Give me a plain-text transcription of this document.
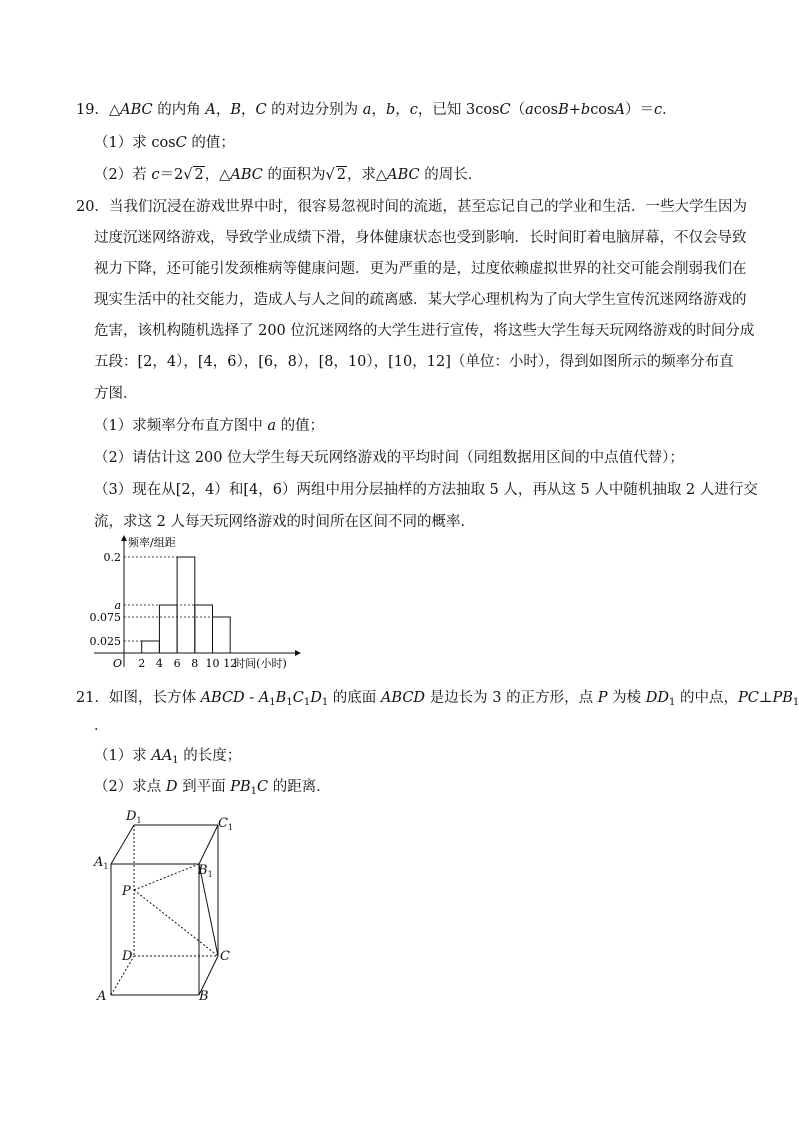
19．△ABC 的内角 A，B，C 的对边分别为 a，b，c，已知 3cosC（acosB+bcosA）＝c．
（1）求 cosC 的值；
（2）若 c＝2√ 2，△ABC 的面积为√ 2，求△ABC 的周长．
20．当我们沉浸在游戏世界中时，很容易忽视时间的流逝，甚至忘记自己的学业和生活．一些大学生因为
过度沉迷网络游戏，导致学业成绩下滑，身体健康状态也受到影响．长时间盯着电脑屏幕，不仅会导致
视力下降，还可能引发颈椎病等健康问题．更为严重的是，过度依赖虚拟世界的社交可能会削弱我们在
现实生活中的社交能力，造成人与人之间的疏离感．某大学心理机构为了向大学生宣传沉迷网络游戏的
危害，该机构随机选择了 200 位沉迷网络的大学生进行宣传，将这些大学生每天玩网络游戏的时间分成
五段：[2，4），[4，6），[6，8），[8，10），[10，12]（单位：小时），得到如图所示的频率分布直
方图．
（1）求频率分布直方图中 a 的值；
（2）请估计这 200 位大学生每天玩网络游戏的平均时间（同组数据用区间的中点值代替）；
（3）现在从[2，4）和[4，6）两组中用分层抽样的方法抽取 5 人，再从这 5 人中随机抽取 2 人进行交
流，求这 2 人每天玩网络游戏的时间所在区间不同的概率．
0.2
a
0.075
0.025
2 4 6 8 10 12
O
频率/组距
时间(小时)
21．如图，长方体 ABCD - $A_1B_1C_1D_1$ 的底面 ABCD 是边长为 3 的正方形，点 P 为棱 $DD_1$ 的中点，$PC\perp PB_1$
．
（1）求 $AA_1$ 的长度；
（2）求点 D 到平面 $PB_1C$ 的距离．
$D_1$	$C_1$
$A_1$	$B_1$
P
D	C
A	B
